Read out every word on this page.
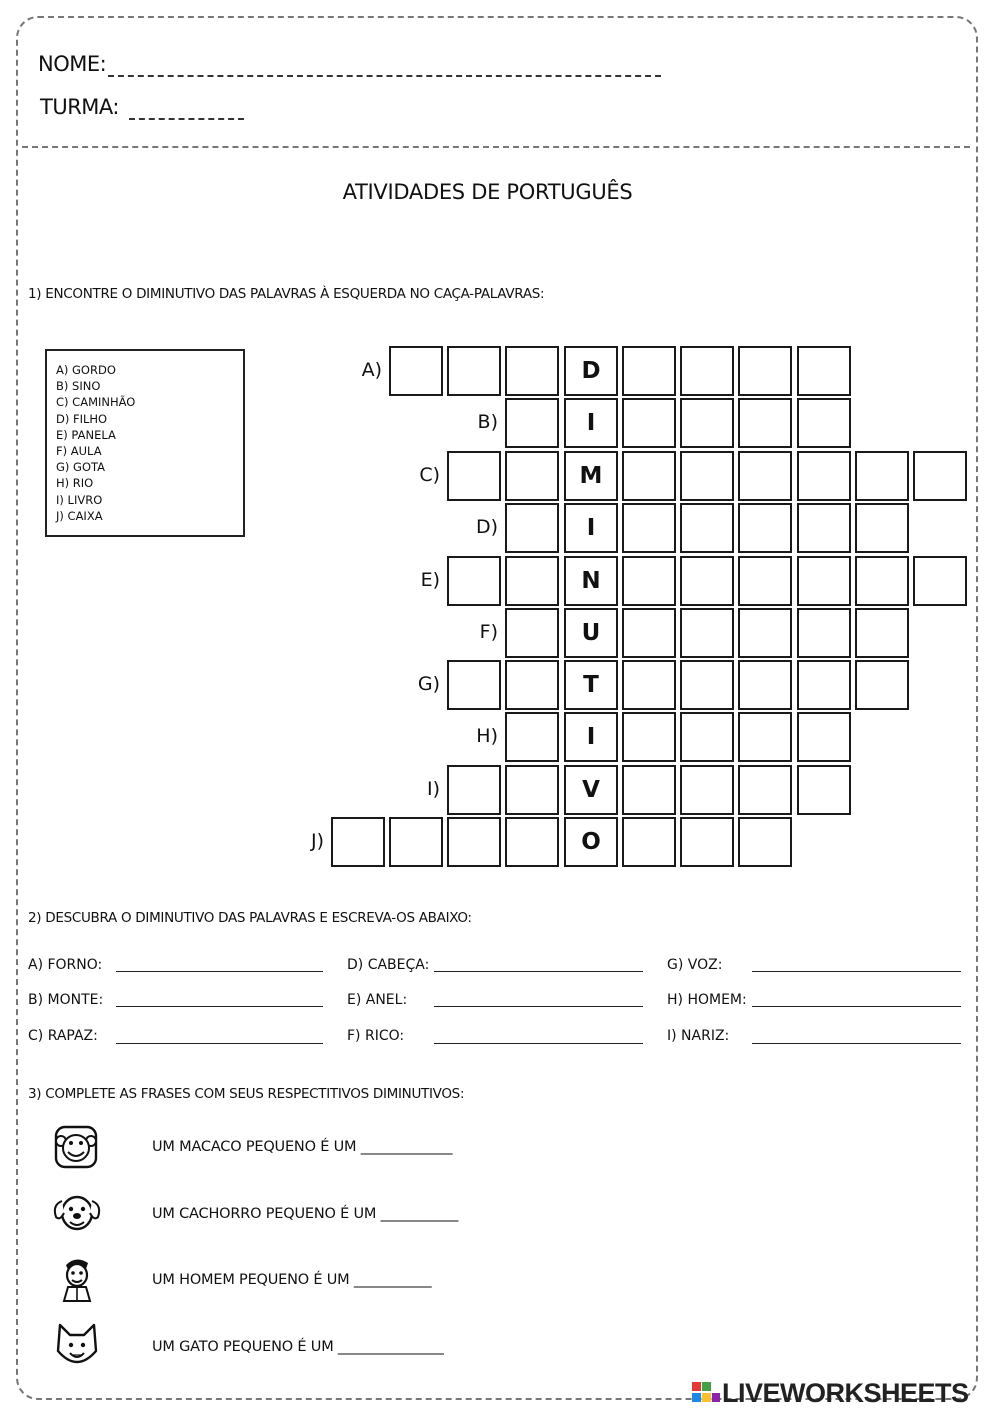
NOME:
TURMA:
ATIVIDADES DE PORTUGUÊS
1) ENCONTRE O DIMINUTIVO DAS PALAVRAS À ESQUERDA NO CAÇA-PALAVRAS:
A) GORDO
B) SINO
C) CAMINHÃO
D) FILHO
E) PANELA
F) AULA
G) GOTA
H) RIO
I) LIVRO
J) CAIXA
A)	D
B)	I
C)	M
D)	I
E)	N
F)	U
G)	T
H)	I
I)	V
J)	O
2) DESCUBRA O DIMINUTIVO DAS PALAVRAS E ESCREVA-OS ABAIXO:
A) FORNO:
B) MONTE:
C) RAPAZ:
D) CABEÇA:
E) ANEL:
F) RICO:
G) VOZ:
H) HOMEM:
I) NARIZ:
3) COMPLETE AS FRASES COM SEUS RESPECTITIVOS DIMINUTIVOS:
UM MACACO PEQUENO É UM _____________
UM CACHORRO PEQUENO É UM ___________
UM HOMEM PEQUENO É UM ___________
UM GATO PEQUENO É UM _______________
LIVEWORKSHEETS
